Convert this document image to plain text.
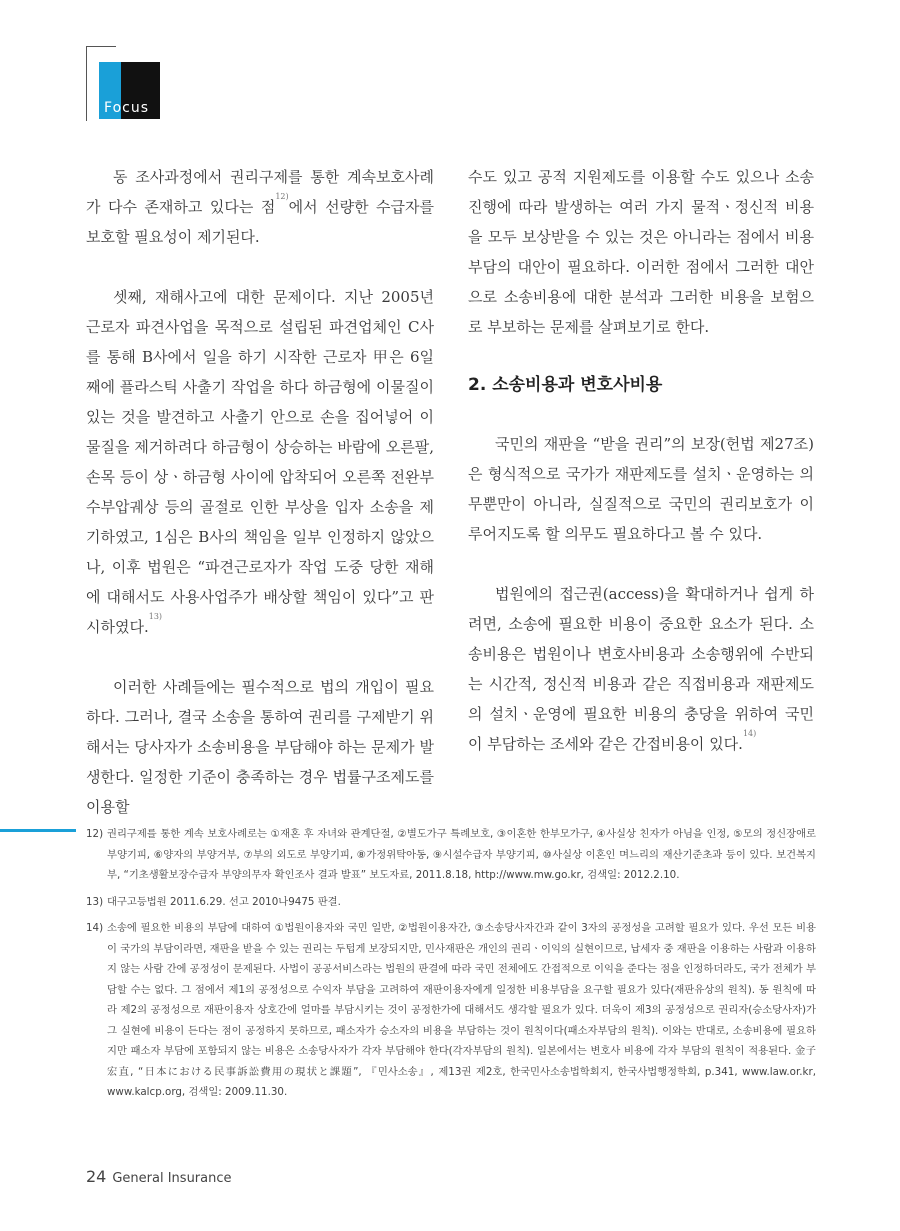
Focus

동 조사과정에서 권리구제를 통한 계속보호사례가 다수 존재하고 있다는 점$^{12)}$에서 선량한 수급자를 보호할 필요성이 제기된다.

셋째, 재해사고에 대한 문제이다. 지난 2005년 근로자 파견사업을 목적으로 설립된 파견업체인 C사를 통해 B사에서 일을 하기 시작한 근로자 甲은 6일째에 플라스틱 사출기 작업을 하다 하금형에 이물질이 있는 것을 발견하고 사출기 안으로 손을 집어넣어 이물질을 제거하려다 하금형이 상승하는 바람에 오른팔, 손목 등이 상ㆍ하금형 사이에 압착되어 오른쪽 전완부 수부압궤상 등의 골절로 인한 부상을 입자 소송을 제기하였고, 1심은 B사의 책임을 일부 인정하지 않았으나, 이후 법원은 “파견근로자가 작업 도중 당한 재해에 대해서도 사용사업주가 배상할 책임이 있다”고 판시하였다.$^{13)}$

이러한 사례들에는 필수적으로 법의 개입이 필요하다. 그러나, 결국 소송을 통하여 권리를 구제받기 위해서는 당사자가 소송비용을 부담해야 하는 문제가 발생한다. 일정한 기준이 충족하는 경우 법률구조제도를 이용할

수도 있고 공적 지원제도를 이용할 수도 있으나 소송진행에 따라 발생하는 여러 가지 물적ㆍ정신적 비용을 모두 보상받을 수 있는 것은 아니라는 점에서 비용부담의 대안이 필요하다. 이러한 점에서 그러한 대안으로 소송비용에 대한 분석과 그러한 비용을 보험으로 부보하는 문제를 살펴보기로 한다.

2. 소송비용과 변호사비용

국민의 재판을 “받을 권리”의 보장(헌법 제27조)은 형식적으로 국가가 재판제도를 설치ㆍ운영하는 의무뿐만이 아니라, 실질적으로 국민의 권리보호가 이루어지도록 할 의무도 필요하다고 볼 수 있다.

법원에의 접근권(access)을 확대하거나 쉽게 하려면, 소송에 필요한 비용이 중요한 요소가 된다. 소송비용은 법원이나 변호사비용과 소송행위에 수반되는 시간적, 정신적 비용과 같은 직접비용과 재판제도의 설치ㆍ운영에 필요한 비용의 충당을 위하여 국민이 부담하는 조세와 같은 간접비용이 있다.$^{14)}$

12) 권리구제를 통한 계속 보호사례로는 ①재혼 후 자녀와 관계단절, ②별도가구 특례보호, ③이혼한 한부모가구, ④사실상 친자가 아님을 인정, ⑤모의 정신장애로 부양기피, ⑥양자의 부양거부, ⑦부의 외도로 부양기피, ⑧가정위탁아동, ⑨시설수급자 부양기피, ⑩사실상 이혼인 며느리의 재산기준초과 등이 있다. 보건복지부, “기초생활보장수급자 부양의무자 확인조사 결과 발표” 보도자료, 2011.8.18, http://www.mw.go.kr, 검색일: 2012.2.10.
13) 대구고등법원 2011.6.29. 선고 2010나9475 판결.
14) 소송에 필요한 비용의 부담에 대하여 ①법원이용자와 국민 일반, ②법원이용자간, ③소송당사자간과 같이 3자의 공정성을 고려할 필요가 있다. 우선 모든 비용이 국가의 부담이라면, 재판을 받을 수 있는 권리는 두텁게 보장되지만, 민사재판은 개인의 권리ㆍ이익의 실현이므로, 납세자 중 재판을 이용하는 사람과 이용하지 않는 사람 간에 공정성이 문제된다. 사법이 공공서비스라는 법원의 판결에 따라 국민 전체에도 간접적으로 이익을 준다는 점을 인정하더라도, 국가 전체가 부담할 수는 없다. 그 점에서 제1의 공정성으로 수익자 부담을 고려하여 재판이용자에게 일정한 비용부담을 요구할 필요가 있다(재판유상의 원칙). 동 원칙에 따라 제2의 공정성으로 재판이용자 상호간에 얼마를 부담시키는 것이 공정한가에 대해서도 생각할 필요가 있다. 더욱이 제3의 공정성으로 권리자(승소당사자)가 그 실현에 비용이 든다는 점이 공정하지 못하므로, 패소자가 승소자의 비용을 부담하는 것이 원칙이다(패소자부담의 원칙). 이와는 반대로, 소송비용에 필요하지만 패소자 부담에 포함되지 않는 비용은 소송당사자가 각자 부담해야 한다(각자부담의 원칙). 일본에서는 변호사 비용에 각자 부담의 원칙이 적용된다. 金子宏直, “日本における民事訴訟費用の現状と課題”, 『민사소송』, 제13권 제2호, 한국민사소송법학회지, 한국사법행정학회, p.341, www.law.or.kr, www.kalcp.org, 검색일: 2009.11.30.
24 General Insurance
